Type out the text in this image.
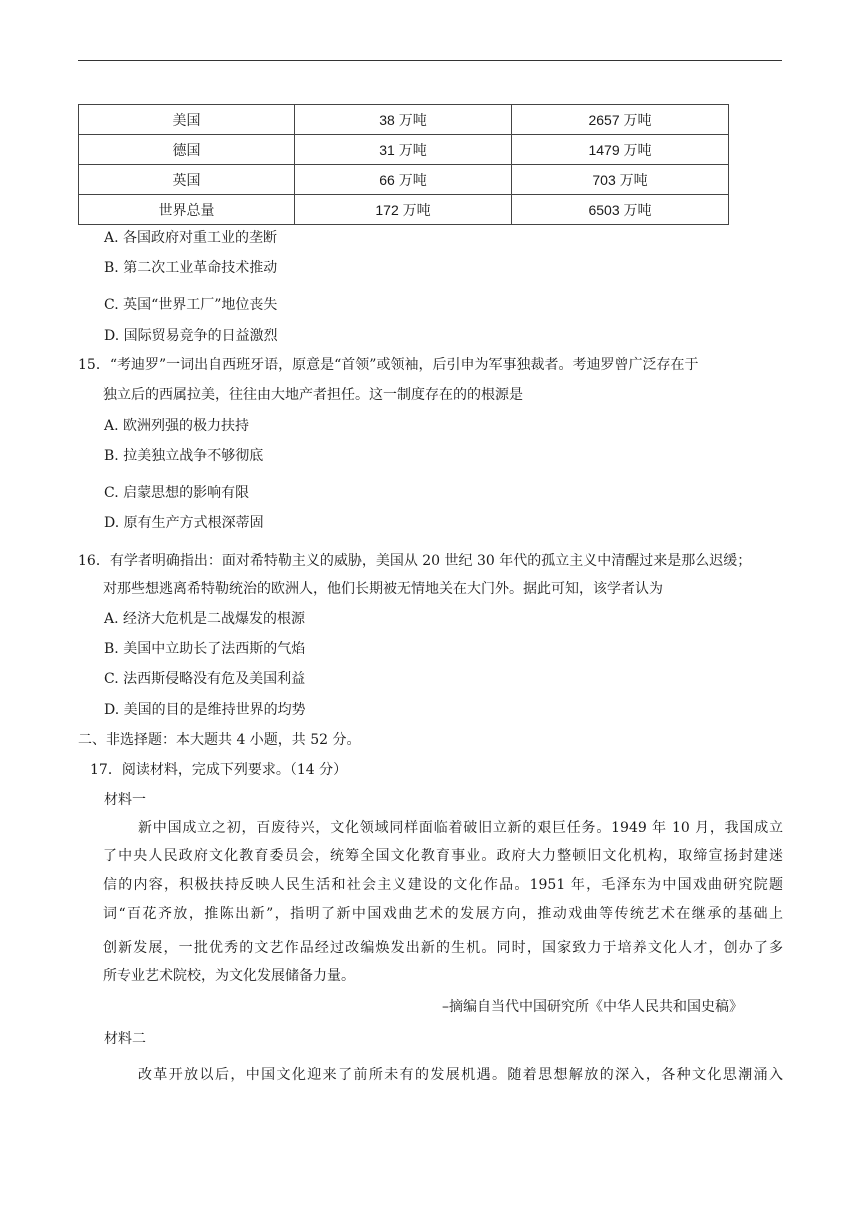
美国	38 万吨	2657 万吨
德国	31 万吨	1479 万吨
英国	66 万吨	703 万吨
世界总量	172 万吨	6503 万吨
A. 各国政府对重工业的垄断
B. 第二次工业革命技术推动
C. 英国“世界工厂”地位丧失
D. 国际贸易竞争的日益激烈
15．“考迪罗”一词出自西班牙语，原意是“首领”或领袖，后引申为军事独裁者。考迪罗曾广泛存在于
独立后的西属拉美，往往由大地产者担任。这一制度存在的的根源是
A. 欧洲列强的极力扶持
B. 拉美独立战争不够彻底
C. 启蒙思想的影响有限
D. 原有生产方式根深蒂固
16．有学者明确指出：面对希特勒主义的威胁，美国从 20 世纪 30 年代的孤立主义中清醒过来是那么迟缓；
对那些想逃离希特勒统治的欧洲人，他们长期被无情地关在大门外。据此可知，该学者认为
A. 经济大危机是二战爆发的根源
B. 美国中立助长了法西斯的气焰
C. 法西斯侵略没有危及美国利益
D. 美国的目的是维持世界的均势
二、非选择题：本大题共 4 小题，共 52 分。
17．阅读材料，完成下列要求。（14 分）
材料一
新中国成立之初，百废待兴，文化领域同样面临着破旧立新的艰巨任务。1949 年 10 月，我国成立
了中央人民政府文化教育委员会，统筹全国文化教育事业。政府大力整顿旧文化机构，取缔宣扬封建迷
信的内容，积极扶持反映人民生活和社会主义建设的文化作品。1951 年，毛泽东为中国戏曲研究院题
词“百花齐放，推陈出新”，指明了新中国戏曲艺术的发展方向，推动戏曲等传统艺术在继承的基础上
创新发展，一批优秀的文艺作品经过改编焕发出新的生机。同时，国家致力于培养文化人才，创办了多
所专业艺术院校，为文化发展储备力量。
–摘编自当代中国研究所《中华人民共和国史稿》
材料二
改革开放以后，中国文化迎来了前所未有的发展机遇。随着思想解放的深入，各种文化思潮涌入
